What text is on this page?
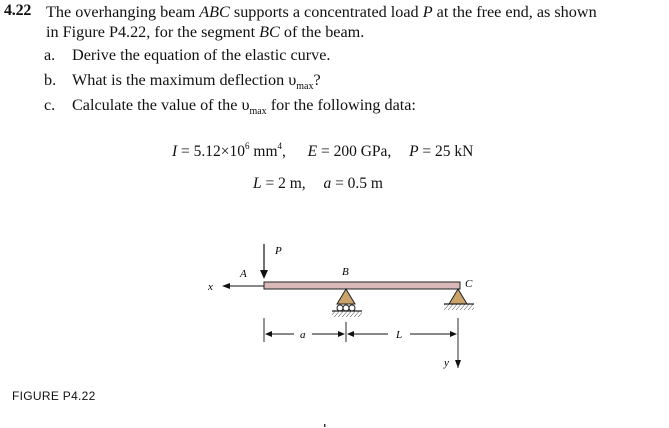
4.22 The overhanging beam ABC supports a concentrated load P at the free end, as shown
in Figure P4.22, for the segment BC of the beam.
a. Derive the equation of the elastic curve.
b. What is the maximum deflection $\upsilon_{max}$?
c. Calculate the value of the $\upsilon_{max}$ for the following data:
$I = 5.12\times 10^6$ $mm^4$, E = 200 GPa, P = 25 kN
L = 2 m, a = 0.5 m
P
A	B
C
x
a	L
y
FIGURE P4.22
